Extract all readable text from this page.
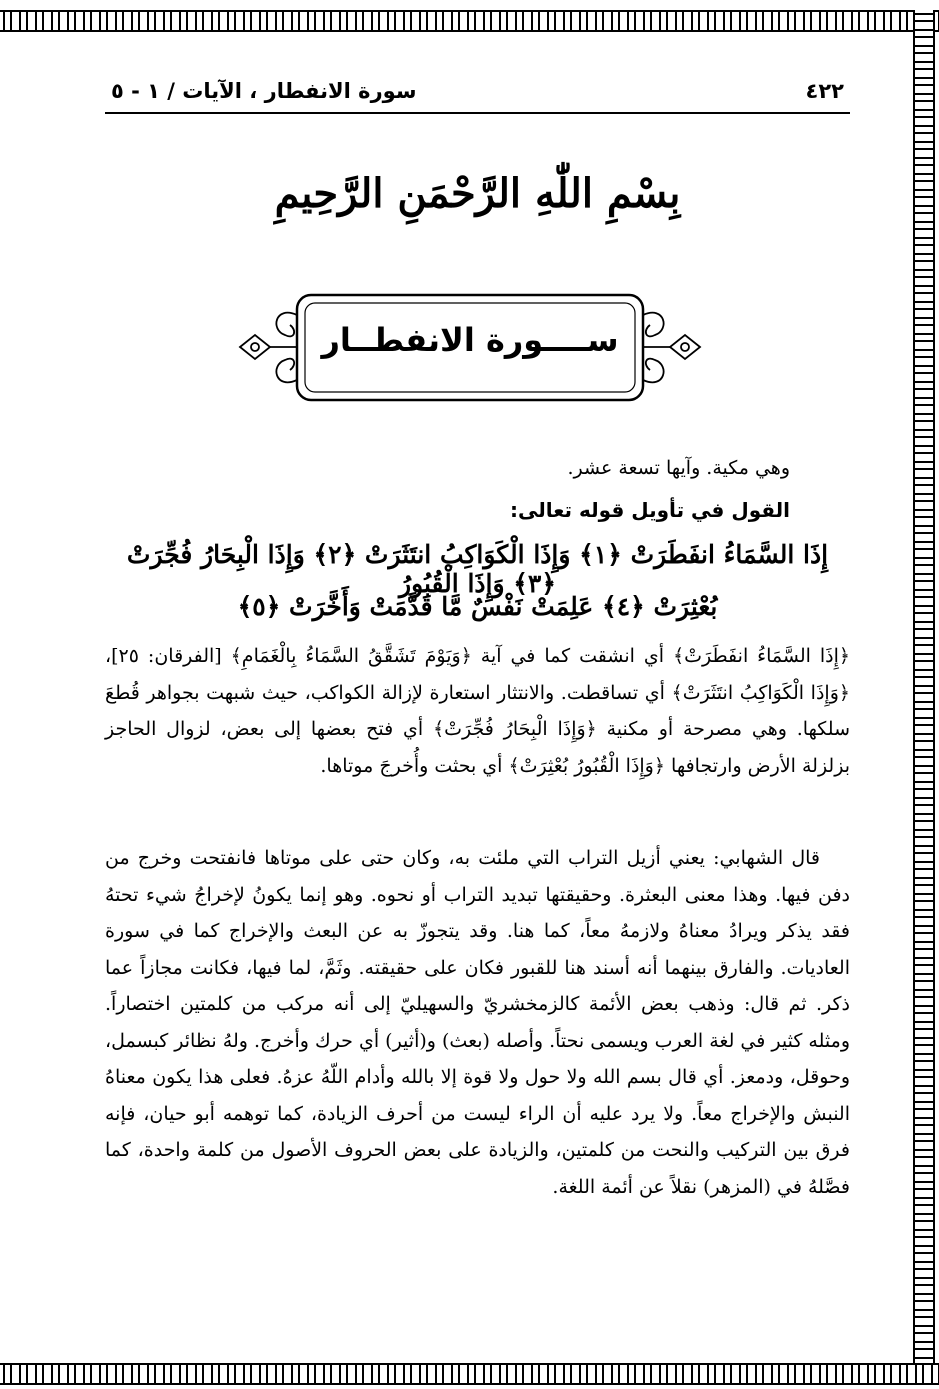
٤٢٢
سورة الانفطار ، الآيات / ١ - ٥
بِسْمِ اللّٰهِ الرَّحْمَنِ الرَّحِيمِ
ســــورة الانفطــار
وهي مكية. وآيها تسعة عشر.
القول في تأويل قوله تعالى:
إِذَا السَّمَاءُ انفَطَرَتْ ﴿١﴾ وَإِذَا الْكَوَاكِبُ انتَثَرَتْ ﴿٢﴾ وَإِذَا الْبِحَارُ فُجِّرَتْ ﴿٣﴾ وَإِذَا الْقُبُورُ
بُعْثِرَتْ ﴿٤﴾ عَلِمَتْ نَفْسٌ مَّا قَدَّمَتْ وَأَخَّرَتْ ﴿٥﴾
﴿إِذَا السَّمَاءُ انفَطَرَتْ﴾ أي انشقت كما في آية ﴿وَيَوْمَ تَشَقَّقُ السَّمَاءُ بِالْغَمَامِ﴾ [الفرقان: ٢٥]، ﴿وَإِذَا الْكَوَاكِبُ انتَثَرَتْ﴾ أي تساقطت. والانتثار استعارة لإزالة الكواكب، حيث شبهت بجواهر قُطعَ سلكها. وهي مصرحة أو مكنية ﴿وَإِذَا الْبِحَارُ فُجِّرَتْ﴾ أي فتح بعضها إلى بعض، لزوال الحاجز بزلزلة الأرض وارتجافها ﴿وَإِذَا الْقُبُورُ بُعْثِرَتْ﴾ أي بحثت وأُخرجَ موتاها.
قال الشهابي: يعني أزيل التراب التي ملئت به، وكان حتى على موتاها فانفتحت وخرج من دفن فيها. وهذا معنى البعثرة. وحقيقتها تبديد التراب أو نحوه. وهو إنما يكونُ لإخراجُ شيء تحتهُ فقد يذكر ويرادُ معناهُ ولازمهُ معاً، كما هنا. وقد يتجوزّ به عن البعث والإخراج كما في سورة العاديات. والفارق بينهما أنه أسند هنا للقبور فكان على حقيقته. وثَمَّ، لما فيها، فكانت مجازاً عما ذكر. ثم قال: وذهب بعض الأئمة كالزمخشريّ والسهيليّ إلى أنه مركب من كلمتين اختصاراً. ومثله كثير في لغة العرب ويسمى نحتاً. وأصله (بعث) و(أثير) أي حرك وأخرج. ولهُ نظائر كبسمل، وحوقل، ودمعز. أي قال بسم الله ولا حول ولا قوة إلا بالله وأدام اللّهُ عزهُ. فعلى هذا يكون معناهُ النبش والإخراج معاً. ولا يرد عليه أن الراء ليست من أحرف الزيادة، كما توهمه أبو حيان، فإنه فرق بين التركيب والنحت من كلمتين، والزيادة على بعض الحروف الأصول من كلمة واحدة، كما فصَّلهُ في (المزهر) نقلاً عن أئمة اللغة.
